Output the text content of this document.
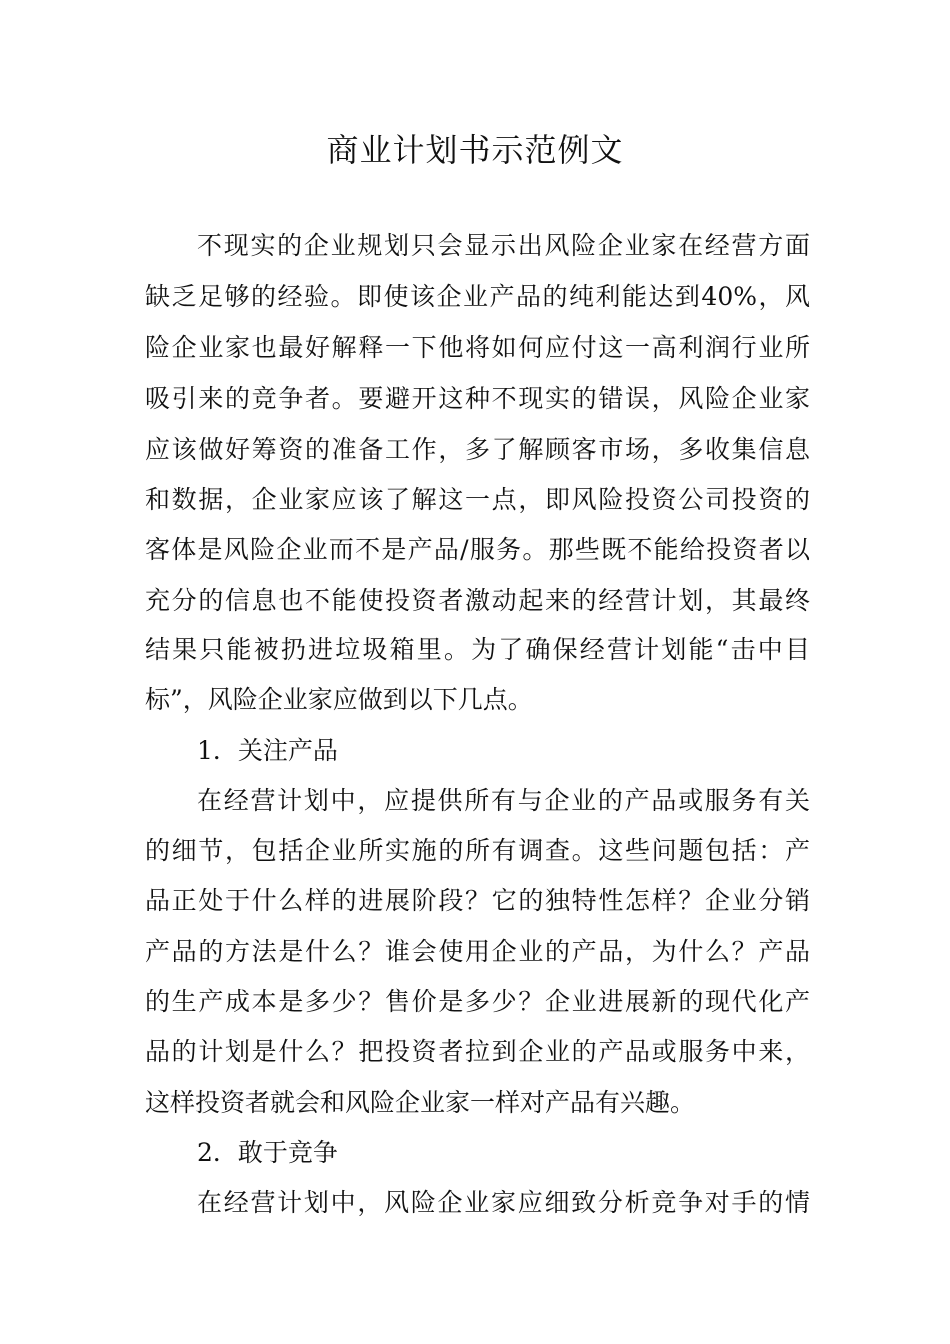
商业计划书示范例文
不现实的企业规划只会显示出风险企业家在经营方面
缺乏足够的经验。即使该企业产品的纯利能达到40%，风
险企业家也最好解释一下他将如何应付这一高利润行业所
吸引来的竞争者。要避开这种不现实的错误，风险企业家
应该做好筹资的准备工作，多了解顾客市场，多收集信息
和数据，企业家应该了解这一点，即风险投资公司投资的
客体是风险企业而不是产品/服务。那些既不能给投资者以
充分的信息也不能使投资者激动起来的经营计划，其最终
结果只能被扔进垃圾箱里。为了确保经营计划能“击中目
标”，风险企业家应做到以下几点。
1．关注产品
在经营计划中，应提供所有与企业的产品或服务有关
的细节，包括企业所实施的所有调查。这些问题包括：产
品正处于什么样的进展阶段？它的独特性怎样？企业分销
产品的方法是什么？谁会使用企业的产品，为什么？产品
的生产成本是多少？售价是多少？企业进展新的现代化产
品的计划是什么？把投资者拉到企业的产品或服务中来，
这样投资者就会和风险企业家一样对产品有兴趣。
2．敢于竞争
在经营计划中，风险企业家应细致分析竞争对手的情
